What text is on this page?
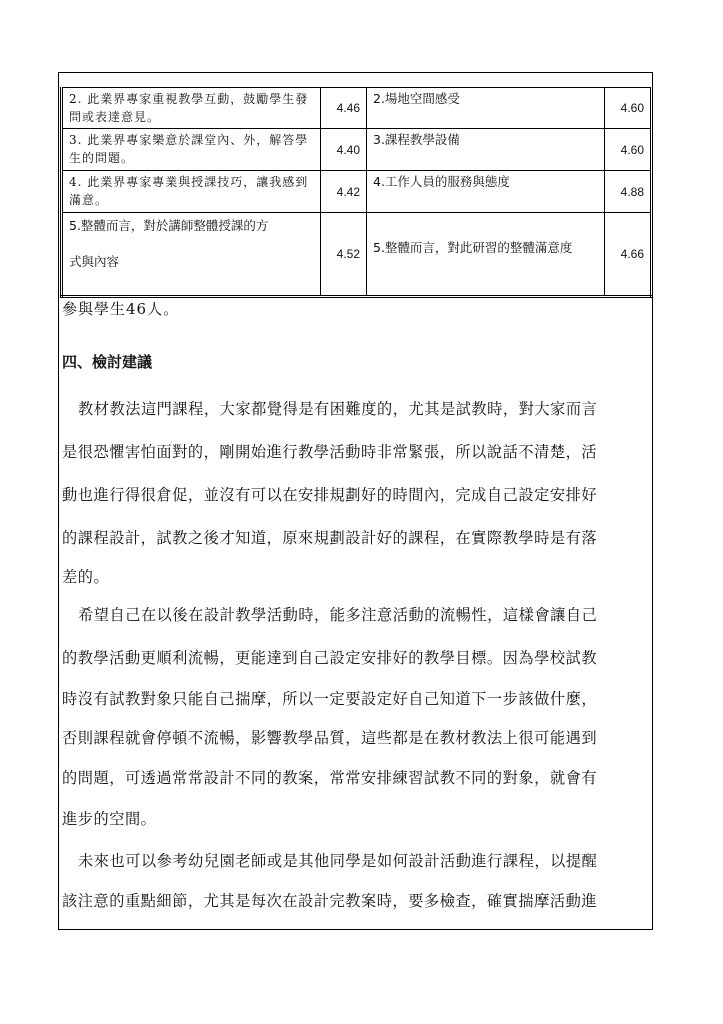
2. 此業界專家重視教學互動，鼓勵學生發問或表達意見。	4.46	2.場地空間感受	4.60
3. 此業界專家樂意於課堂內、外，解答學生的問題。	4.40	3.課程教學設備	4.60
4. 此業界專家專業與授課技巧，讓我感到滿意。	4.42	4.工作人員的服務與態度	4.88

5.整體而言，對於講師整體授課的方
式與內容	4.52	5.整體而言，對此研習的整體滿意度	4.66
參與學生46人。
四、檢討建議
教材教法這門課程，大家都覺得是有困難度的，尤其是試教時，對大家而言
是很恐懼害怕面對的，剛開始進行教學活動時非常緊張，所以說話不清楚，活
動也進行得很倉促，並沒有可以在安排規劃好的時間內，完成自己設定安排好
的課程設計，試教之後才知道，原來規劃設計好的課程，在實際教學時是有落
差的。
希望自己在以後在設計教學活動時，能多注意活動的流暢性，這樣會讓自己
的教學活動更順利流暢，更能達到自己設定安排好的教學目標。因為學校試教
時沒有試教對象只能自己揣摩，所以一定要設定好自己知道下一步該做什麼，
否則課程就會停頓不流暢，影響教學品質，這些都是在教材教法上很可能遇到
的問題，可透過常常設計不同的教案，常常安排練習試教不同的對象，就會有
進步的空間。
未來也可以參考幼兒園老師或是其他同學是如何設計活動進行課程，以提醒
該注意的重點細節，尤其是每次在設計完教案時，要多檢查，確實揣摩活動進
